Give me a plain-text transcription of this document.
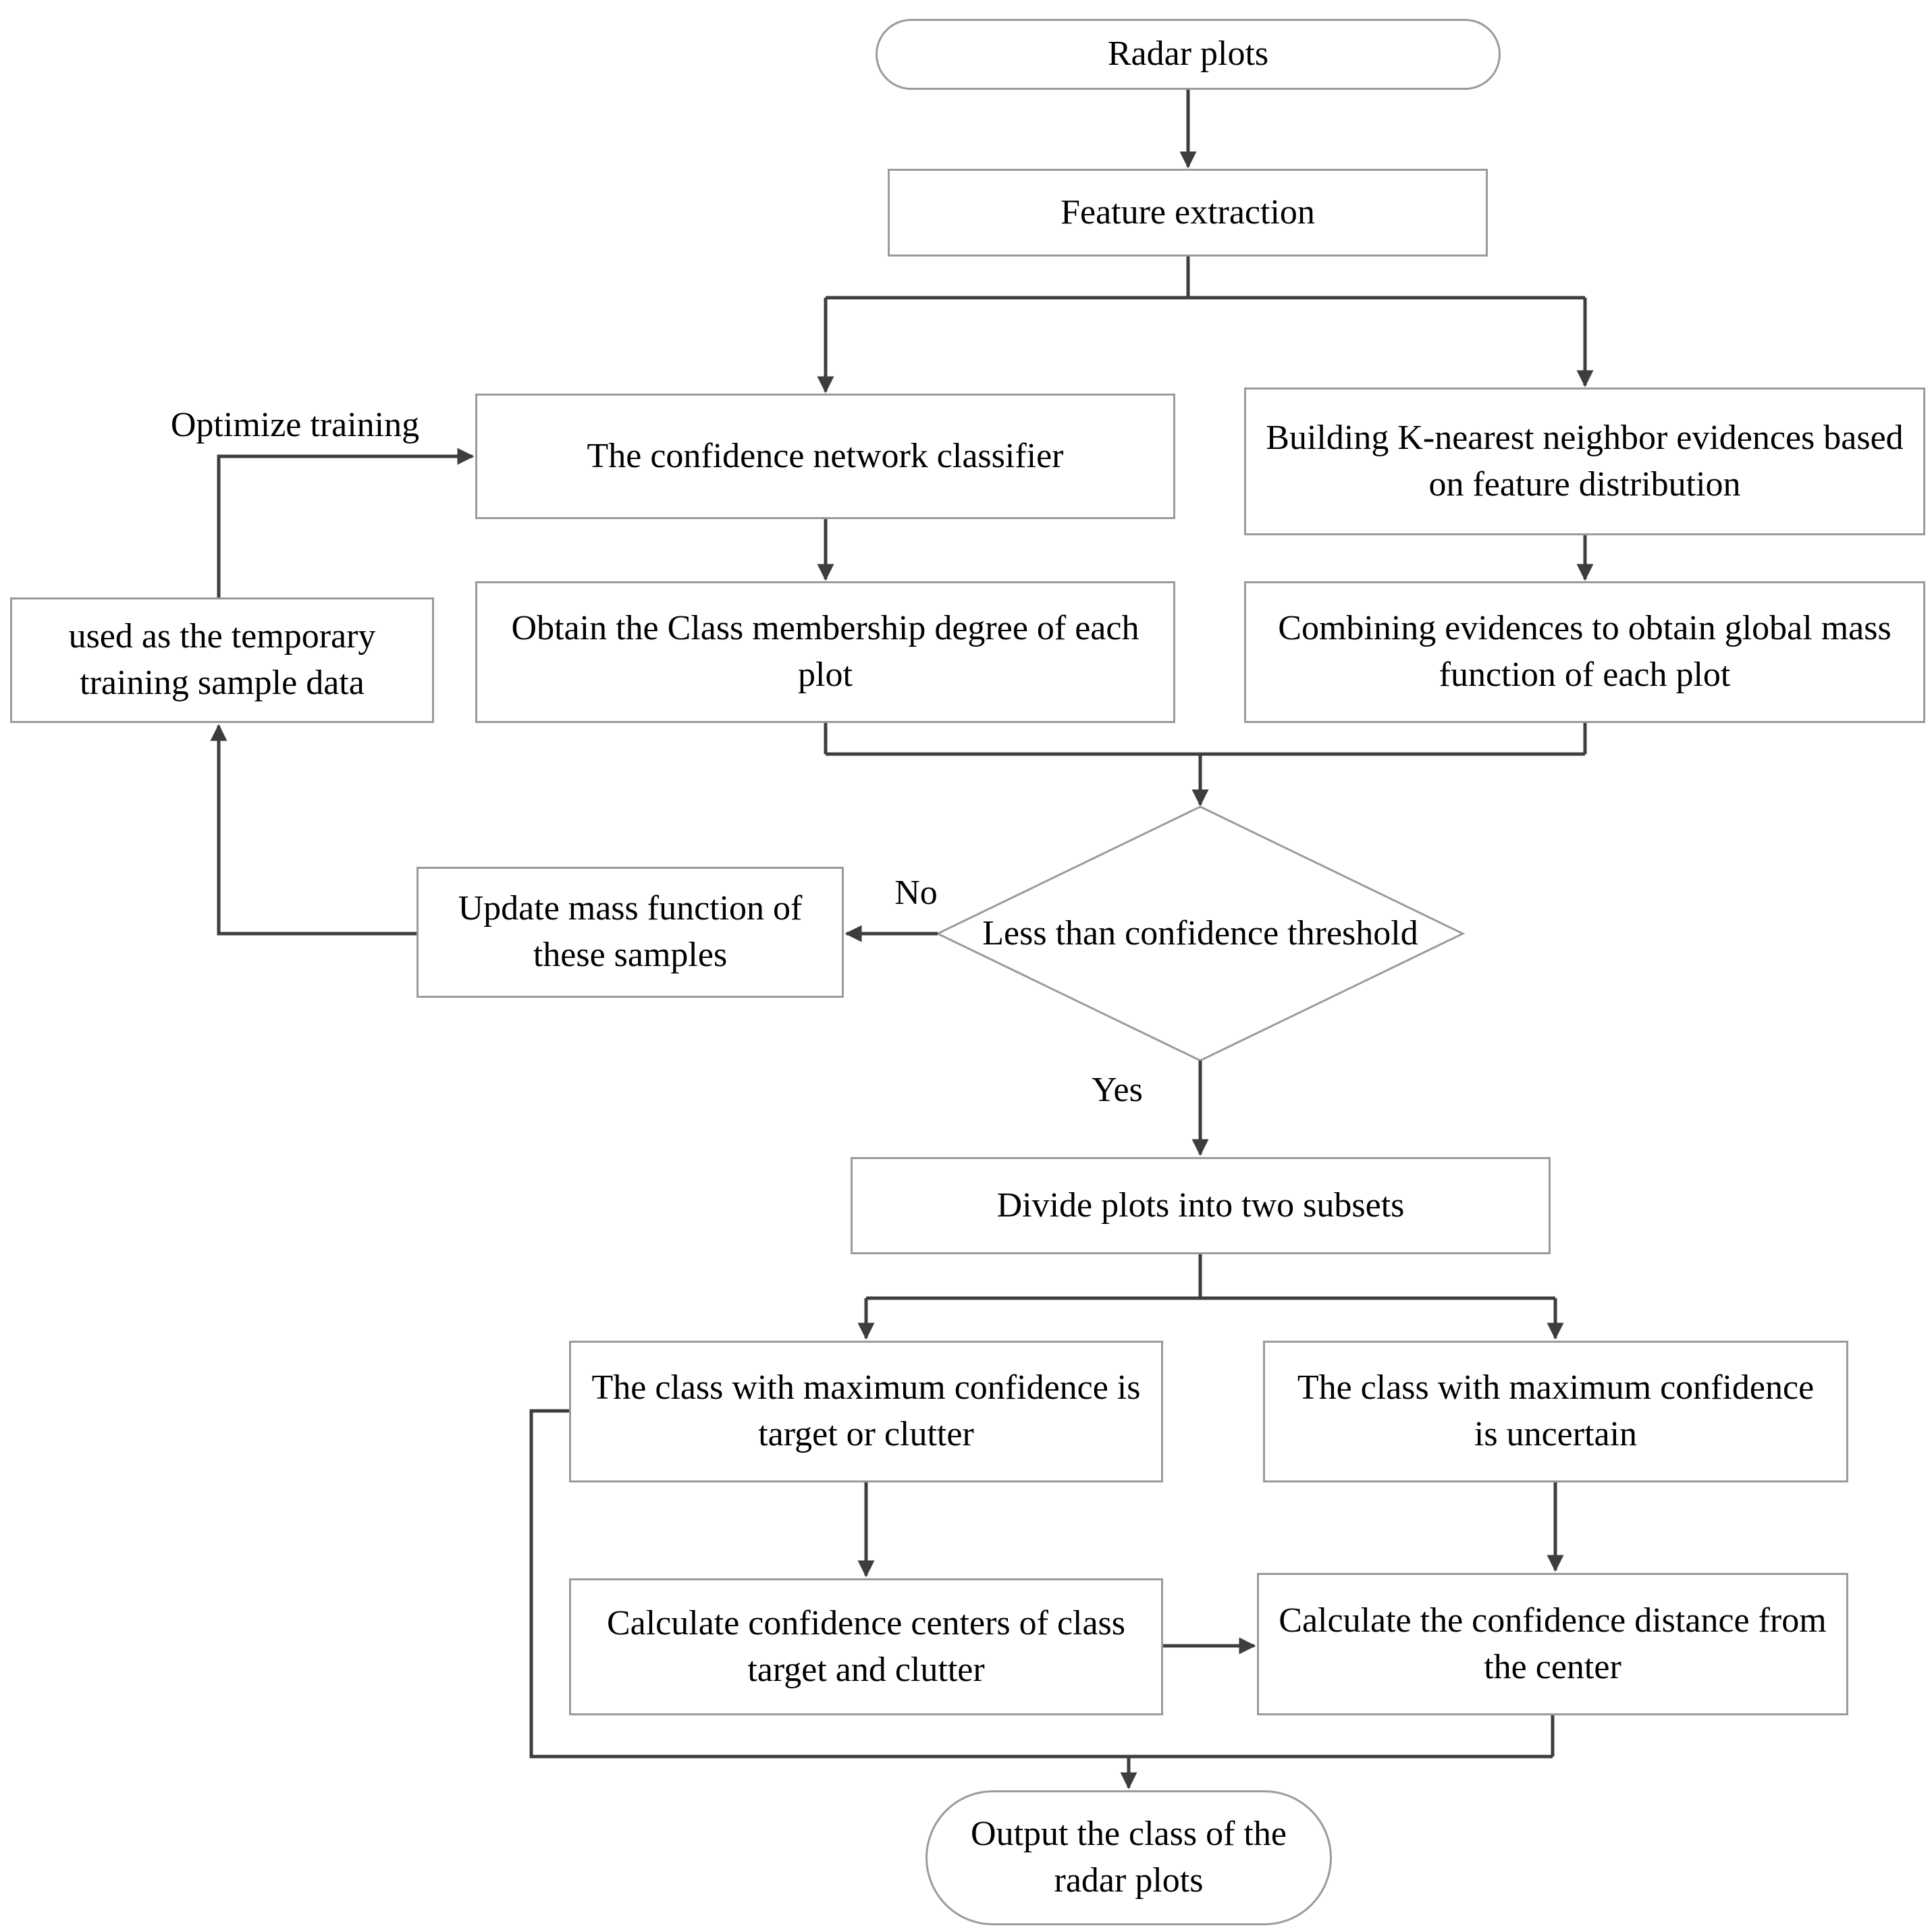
Radar plots
Feature extraction
The confidence network classifier	Building K-nearest neighbor evidences based on feature distribution
Obtain the Class membership degree of each plot
Combining evidences to obtain global mass function of each plot
Less than confidence threshold
Update mass function of these samples
used as the temporary training sample data
Divide plots into two subsets
The class with maximum confidence is target or clutter
The class with maximum confidence is uncertain
Calculate confidence centers of class target and clutter
Calculate the confidence distance from the center
Output the class of the radar plots
No
Yes
Optimize training
